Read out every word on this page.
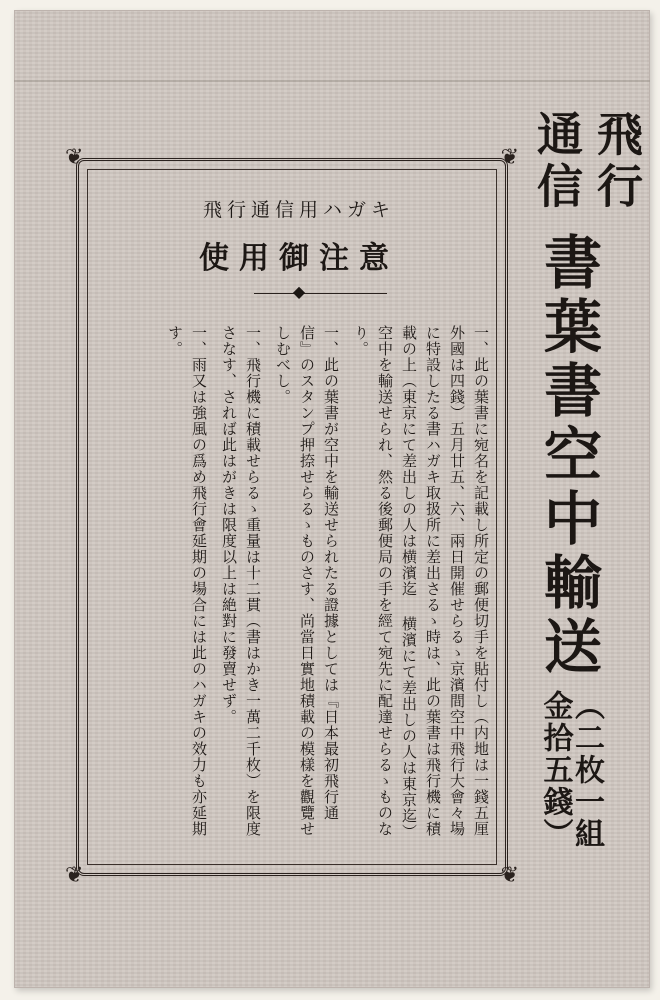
飛行
通信
書葉書空中輸送
（二枚一組金拾五錢）
❦	❦
❦	❦
飛行通信用ハガキ
使用御注意
◆

一、此の葉書に宛名を記載し所定の郵便切手を貼付し（内地は一錢五厘 外國は四錢）五月廿五、六、兩日開催せらるゝ京濱間空中飛行大會々場に特設したる書ハガキ取扱所に差出さるゝ時は、此の葉書は飛行機に積載の上（東京にて差出しの人は横濱迄 横濱にて差出しの人は東京迄）空中を輸送せられ、然る後郵便局の手を經て宛先に配達せらるゝものなり。

一、此の葉書が空中を輸送せられたる證據としては『日本最初飛行通信』のスタンプ押捺せらるゝものさす、尚當日實地積載の模樣を觀覽せしむべし。

一、飛行機に積載せらるゝ重量は十二貫（書はかき一萬二千枚）を限度さなす、されば此はがきは限度以上は絶對に發賣せず。

一、雨又は強風の爲め飛行會延期の場合には此のハガキの效力も亦延期す。
